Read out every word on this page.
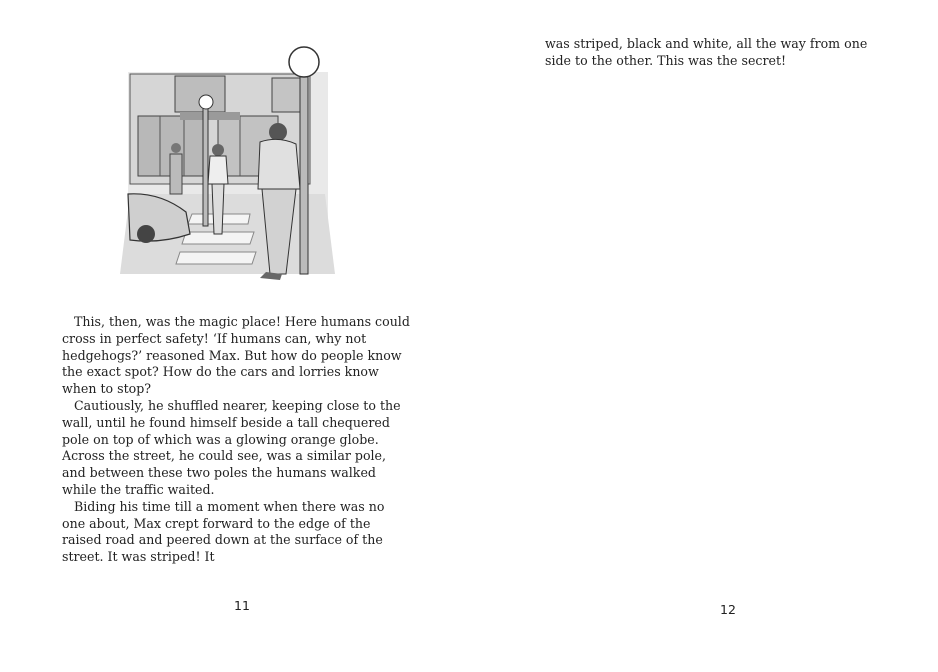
This, then, was the magic place! Here humans could cross in perfect safety! ‘If humans can, why not hedgehogs?’ reasoned Max. But how do people know the exact spot? How do the cars and lorries know when to stop?

Cautiously, he shuffled nearer, keeping close to the wall, until he found himself beside a tall chequered pole on top of which was a glowing orange globe. Across the street, he could see, was a similar pole, and between these two poles the humans walked while the traffic waited.

Biding his time till a moment when there was no one about, Max crept forward to the edge of the raised road and peered down at the surface of the street. It was striped! It

11

was striped, black and white, all the way from one side to the other. This was the secret!

12
